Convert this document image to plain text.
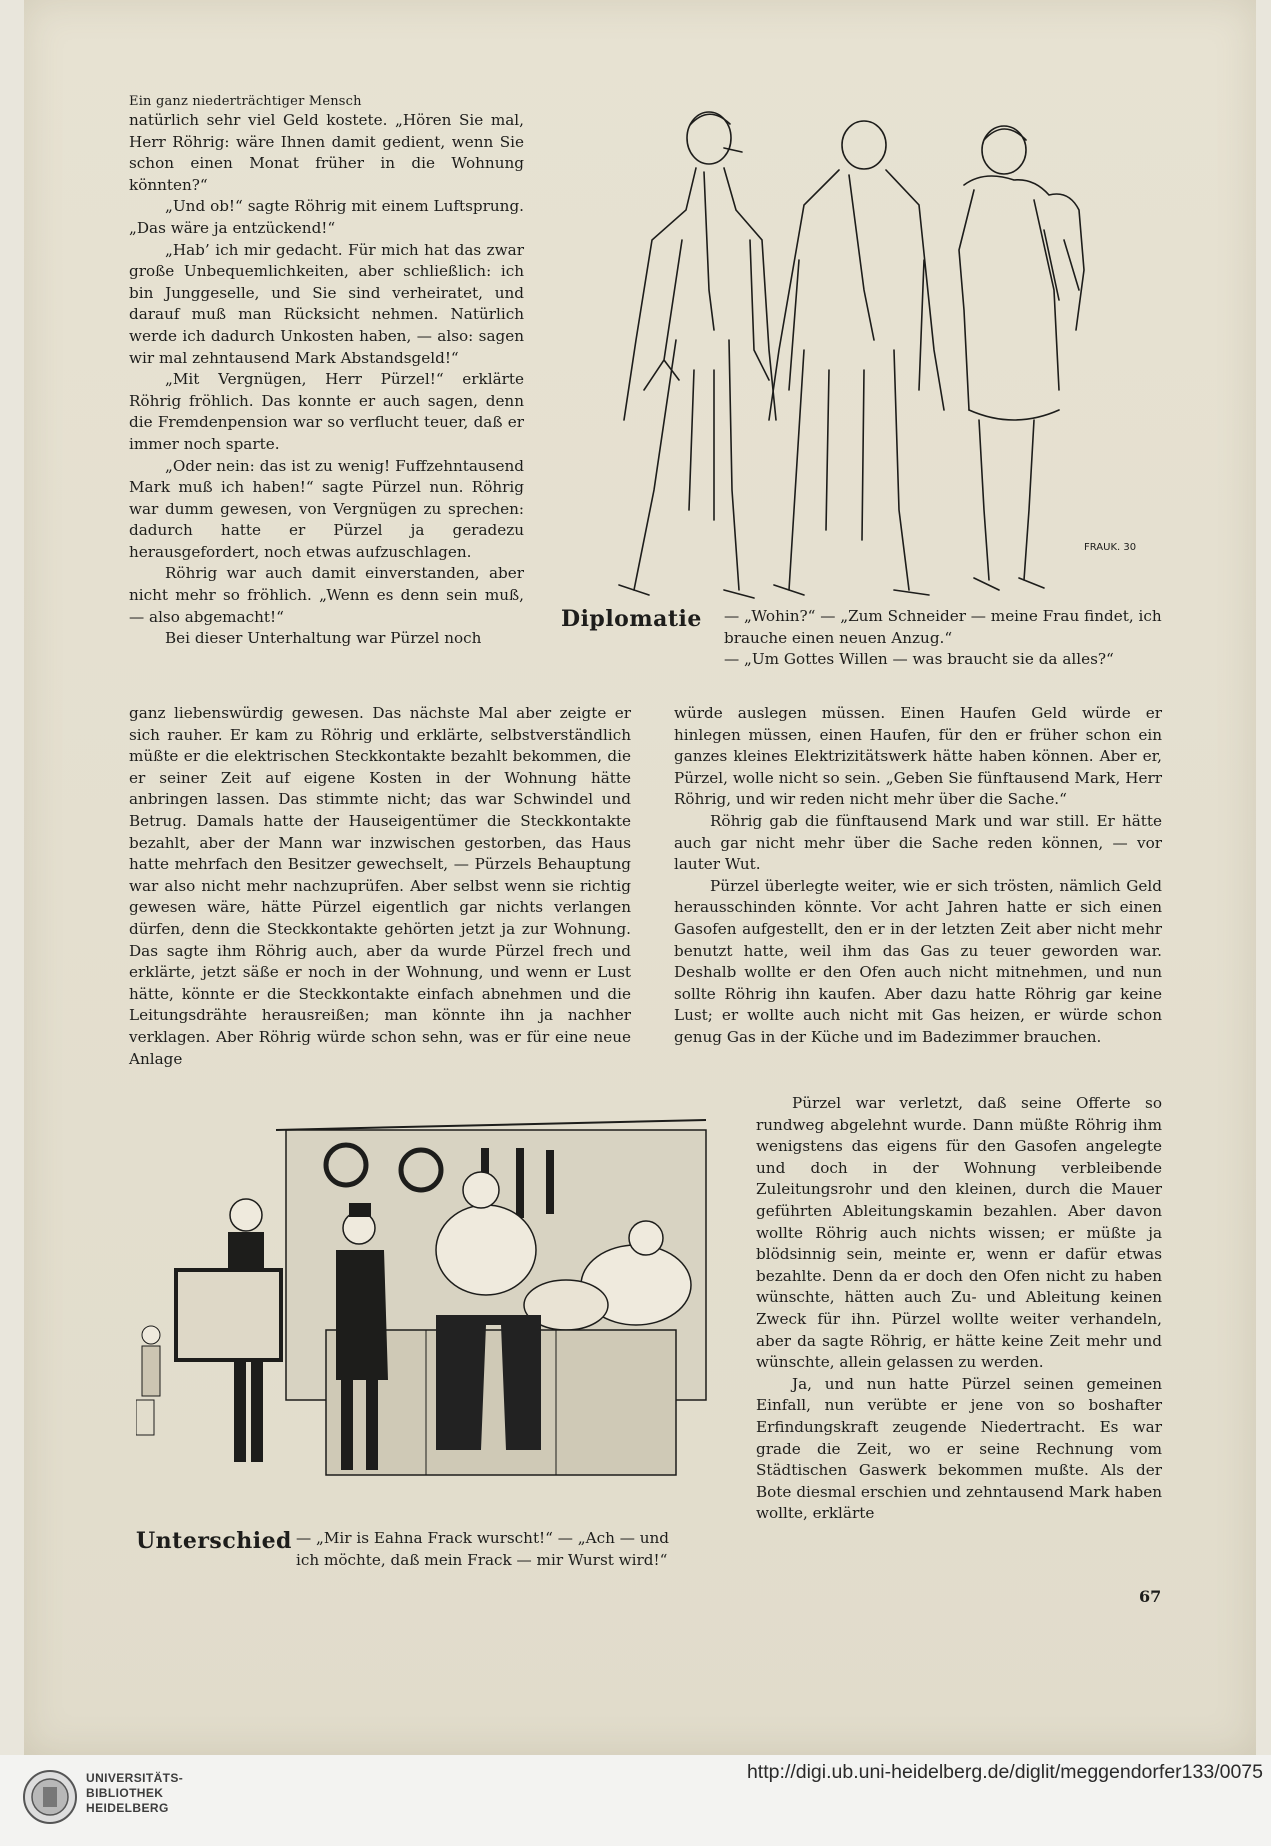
Ein ganz niederträchtiger Mensch

natürlich sehr viel Geld kostete. „Hören Sie mal, Herr Röhrig: wäre Ihnen damit gedient, wenn Sie schon einen Monat früher in die Wohnung könnten?“

„Und ob!“ sagte Röhrig mit einem Luftsprung. „Das wäre ja entzückend!“

„Hab’ ich mir gedacht. Für mich hat das zwar große Unbequemlichkeiten, aber schließlich: ich bin Junggeselle, und Sie sind verheiratet, und darauf muß man Rücksicht nehmen. Natürlich werde ich dadurch Unkosten haben, — also: sagen wir mal zehntausend Mark Abstandsgeld!“

„Mit Vergnügen, Herr Pürzel!“ erklärte Röhrig fröhlich. Das konnte er auch sagen, denn die Fremdenpension war so verflucht teuer, daß er immer noch sparte.

„Oder nein: das ist zu wenig! Fuffzehntausend Mark muß ich haben!“ sagte Pürzel nun. Röhrig war dumm gewesen, von Vergnügen zu sprechen: dadurch hatte er Pürzel ja geradezu herausgefordert, noch etwas aufzuschlagen.

Röhrig war auch damit einverstanden, aber nicht mehr so fröhlich. „Wenn es denn sein muß, — also abgemacht!“

Bei dieser Unterhaltung war Pürzel noch

FRAUK. 30
Diplomatie — „Wohin?“ — „Zum Schneider — meine Frau findet, ich brauche einen neuen Anzug.“

— „Um Gottes Willen — was braucht sie da alles?“

ganz liebenswürdig gewesen. Das nächste Mal aber zeigte er sich rauher. Er kam zu Röhrig und erklärte, selbstverständlich müßte er die elektrischen Steckkontakte bezahlt bekommen, die er seiner Zeit auf eigene Kosten in der Wohnung hätte anbringen lassen. Das stimmte nicht; das war Schwindel und Betrug. Damals hatte der Hauseigentümer die Steckkontakte bezahlt, aber der Mann war inzwischen gestorben, das Haus hatte mehrfach den Besitzer gewechselt, — Pürzels Behauptung war also nicht mehr nachzuprüfen. Aber selbst wenn sie richtig gewesen wäre, hätte Pürzel eigentlich gar nichts verlangen dürfen, denn die Steckkontakte gehörten jetzt ja zur Wohnung. Das sagte ihm Röhrig auch, aber da wurde Pürzel frech und erklärte, jetzt säße er noch in der Wohnung, und wenn er Lust hätte, könnte er die Steckkontakte einfach abnehmen und die Leitungsdrähte herausreißen; man könnte ihn ja nachher verklagen. Aber Röhrig würde schon sehn, was er für eine neue Anlage

würde auslegen müssen. Einen Haufen Geld würde er hinlegen müssen, einen Haufen, für den er früher schon ein ganzes kleines Elektrizitätswerk hätte haben können. Aber er, Pürzel, wolle nicht so sein. „Geben Sie fünftausend Mark, Herr Röhrig, und wir reden nicht mehr über die Sache.“

Röhrig gab die fünftausend Mark und war still. Er hätte auch gar nicht mehr über die Sache reden können, — vor lauter Wut.

Pürzel überlegte weiter, wie er sich trösten, nämlich Geld herausschinden könnte. Vor acht Jahren hatte er sich einen Gasofen aufgestellt, den er in der letzten Zeit aber nicht mehr benutzt hatte, weil ihm das Gas zu teuer geworden war. Deshalb wollte er den Ofen auch nicht mitnehmen, und nun sollte Röhrig ihn kaufen. Aber dazu hatte Röhrig gar keine Lust; er wollte auch nicht mit Gas heizen, er würde schon genug Gas in der Küche und im Badezimmer brauchen.

Pürzel war verletzt, daß seine Offerte so rundweg abgelehnt wurde. Dann müßte Röhrig ihm wenigstens das eigens für den Gasofen angelegte und doch in der Wohnung verbleibende Zuleitungsrohr und den kleinen, durch die Mauer geführten Ableitungskamin bezahlen. Aber davon wollte Röhrig auch nichts wissen; er müßte ja blödsinnig sein, meinte er, wenn er dafür etwas bezahlte. Denn da er doch den Ofen nicht zu haben wünschte, hätten auch Zu- und Ableitung keinen Zweck für ihn. Pürzel wollte weiter verhandeln, aber da sagte Röhrig, er hätte keine Zeit mehr und wünschte, allein gelassen zu werden.

Ja, und nun hatte Pürzel seinen gemeinen Einfall, nun verübte er jene von so boshafter Erfindungskraft zeugende Niedertracht. Es war grade die Zeit, wo er seine Rechnung vom Städtischen Gaswerk bekommen mußte. Als der Bote diesmal erschien und zehntausend Mark haben wollte, erklärte

Unterschied — „Mir is Eahna Frack wurscht!“ — „Ach — und

ich möchte, daß mein Frack — mir Wurst wird!“

67
UNIVERSITÄTS-
BIBLIOTHEK
HEIDELBERG
http://digi.ub.uni-heidelberg.de/diglit/meggendorfer133/0075
